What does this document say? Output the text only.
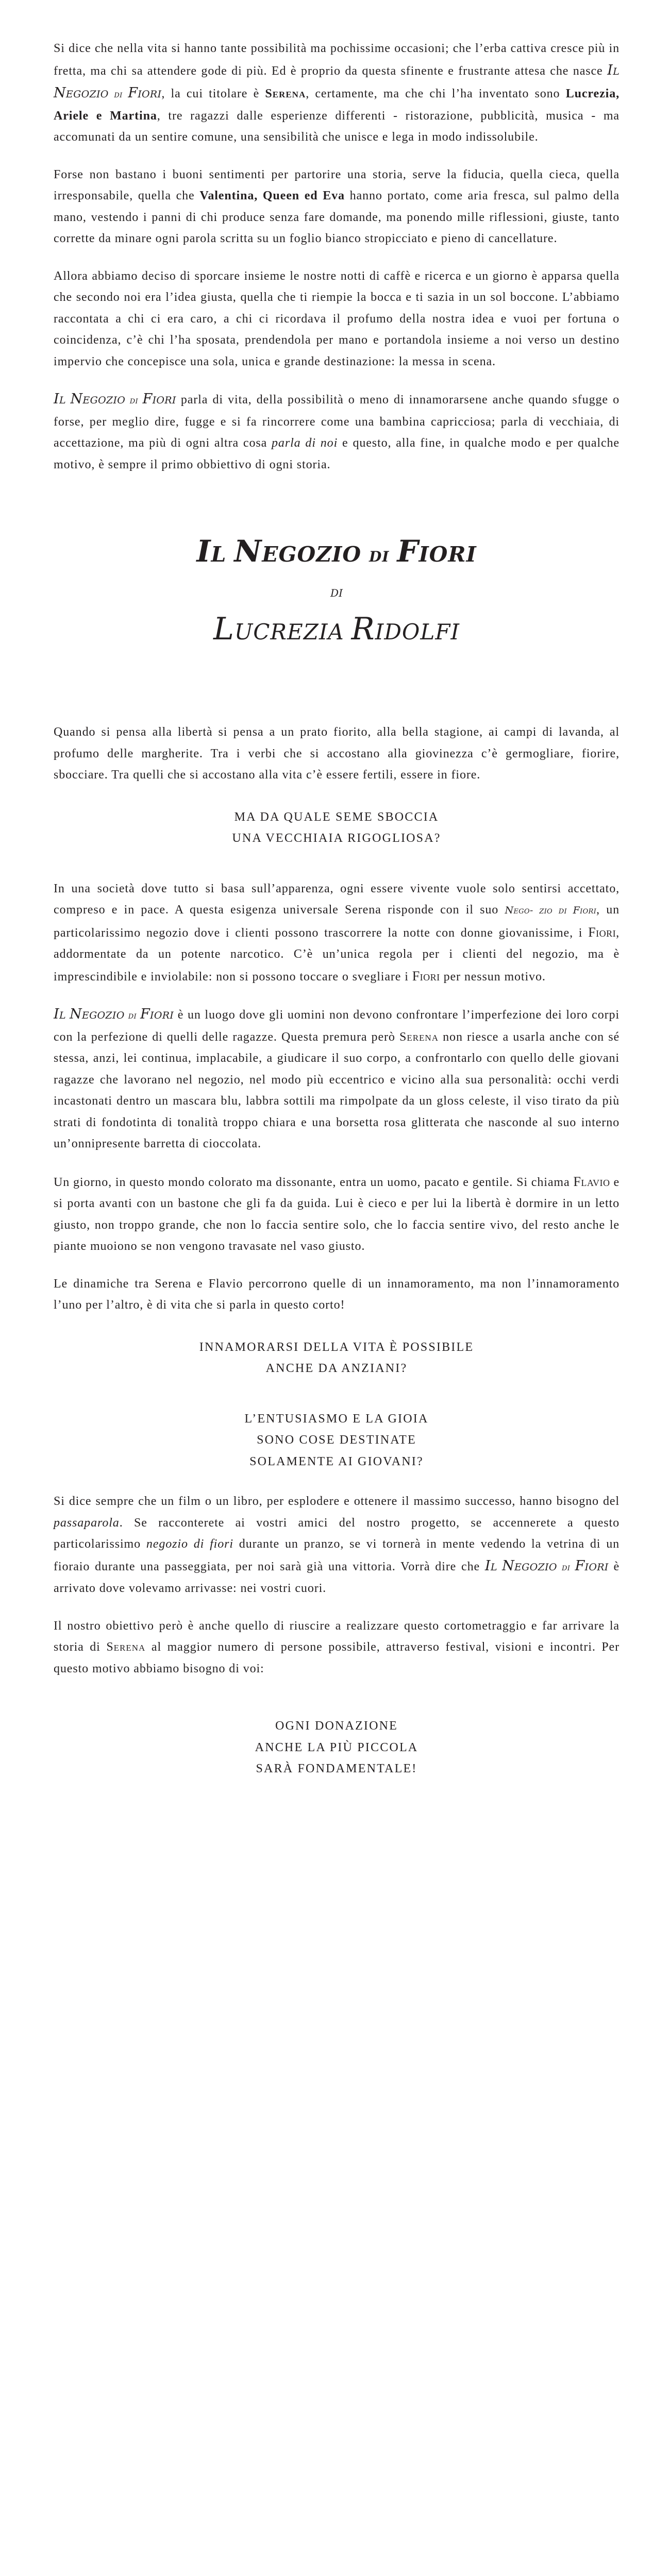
Si dice che nella vita si hanno tante possibilità ma pochissime occasioni; che l’erba cattiva cresce più in fretta, ma chi sa attendere gode di più. Ed è proprio da questa sfinente e frustrante attesa che nasce Il Negozio di Fiori, la cui titolare è Serena, certamente, ma che chi l’ha inventato sono Lucrezia, Ariele e Martina, tre ragazzi dalle esperienze differenti - ristorazione, pubblicità, musica - ma accomunati da un sentire comune, una sensibilità che unisce e lega in modo indissolubile.

Forse non bastano i buoni sentimenti per partorire una storia, serve la fiducia, quella cieca, quella irresponsabile, quella che Valentina, Queen ed Eva hanno portato, come aria fresca, sul palmo della mano, vestendo i panni di chi produce senza fare domande, ma ponendo mille riflessioni, giuste, tanto corrette da minare ogni parola scritta su un foglio bianco stropicciato e pieno di cancellature.

Allora abbiamo deciso di sporcare insieme le nostre notti di caffè e ricerca e un giorno è apparsa quella che secondo noi era l’idea giusta, quella che ti riempie la bocca e ti sazia in un sol boccone. L’abbiamo raccontata a chi ci era caro, a chi ci ricordava il profumo della nostra idea e vuoi per fortuna o coincidenza, c’è chi l’ha sposata, prendendola per mano e portandola insieme a noi verso un destino impervio che concepisce una sola, unica e grande destinazione: la messa in scena.

Il Negozio di Fiori parla di vita, della possibilità o meno di innamorarsene anche quando sfugge o forse, per meglio dire, fugge e si fa rincorrere come una bambina capricciosa; parla di vecchiaia, di accettazione, ma più di ogni altra cosa parla di noi e questo, alla fine, in qualche modo e per qualche motivo, è sempre il primo obbiettivo di ogni storia.

Il Negozio di Fiori

di

Lucrezia Ridolfi

Quando si pensa alla libertà si pensa a un prato fiorito, alla bella stagione, ai campi di lavanda, al profumo delle margherite. Tra i verbi che si accostano alla giovinezza c’è germogliare, fiorire, sbocciare. Tra quelli che si accostano alla vita c’è essere fertili, essere in fiore.

MA DA QUALE SEME SBOCCIA
UNA VECCHIAIA RIGOGLIOSA?

In una società dove tutto si basa sull’apparenza, ogni essere vivente vuole solo sentirsi accettato, compreso e in pace. A questa esigenza universale Serena risponde con il suo Nego- zio di Fiori, un particolarissimo negozio dove i clienti possono trascorrere la notte con donne giovanissime, i Fiori, addormentate da un potente narcotico. C’è un’unica regola per i clienti del negozio, ma è imprescindibile e inviolabile: non si possono toccare o svegliare i Fiori per nessun motivo.

Il Negozio di Fiori è un luogo dove gli uomini non devono confrontare l’imperfezione dei loro corpi con la perfezione di quelli delle ragazze. Questa premura però Serena non riesce a usarla anche con sé stessa, anzi, lei continua, implacabile, a giudicare il suo corpo, a confrontarlo con quello delle giovani ragazze che lavorano nel negozio, nel modo più eccentrico e vicino alla sua personalità: occhi verdi incastonati dentro un mascara blu, labbra sottili ma rimpolpate da un gloss celeste, il viso tirato da più strati di fondotinta di tonalità troppo chiara e una borsetta rosa glitterata che nasconde al suo interno un’onnipresente barretta di cioccolata.

Un giorno, in questo mondo colorato ma dissonante, entra un uomo, pacato e gentile. Si chiama Flavio e si porta avanti con un bastone che gli fa da guida. Lui è cieco e per lui la libertà è dormire in un letto giusto, non troppo grande, che non lo faccia sentire solo, che lo faccia sentire vivo, del resto anche le piante muoiono se non vengono travasate nel vaso giusto.

Le dinamiche tra Serena e Flavio percorrono quelle di un innamoramento, ma non l’innamoramento l’uno per l’altro, è di vita che si parla in questo corto!

INNAMORARSI DELLA VITA È POSSIBILE
ANCHE DA ANZIANI?
L’ENTUSIASMO E LA GIOIA
SONO COSE DESTINATE
SOLAMENTE AI GIOVANI?

Si dice sempre che un film o un libro, per esplodere e ottenere il massimo successo, hanno bisogno del passaparola. Se racconterete ai vostri amici del nostro progetto, se accennerete a questo particolarissimo negozio di fiori durante un pranzo, se vi tornerà in mente vedendo la vetrina di un fioraio durante una passeggiata, per noi sarà già una vittoria. Vorrà dire che Il Negozio di Fiori è arrivato dove volevamo arrivasse: nei vostri cuori.

Il nostro obiettivo però è anche quello di riuscire a realizzare questo cortometraggio e far arrivare la storia di Serena al maggior numero di persone possibile, attraverso festival, visioni e incontri. Per questo motivo abbiamo bisogno di voi:

OGNI DONAZIONE
ANCHE LA PIÙ PICCOLA
SARÀ FONDAMENTALE!
